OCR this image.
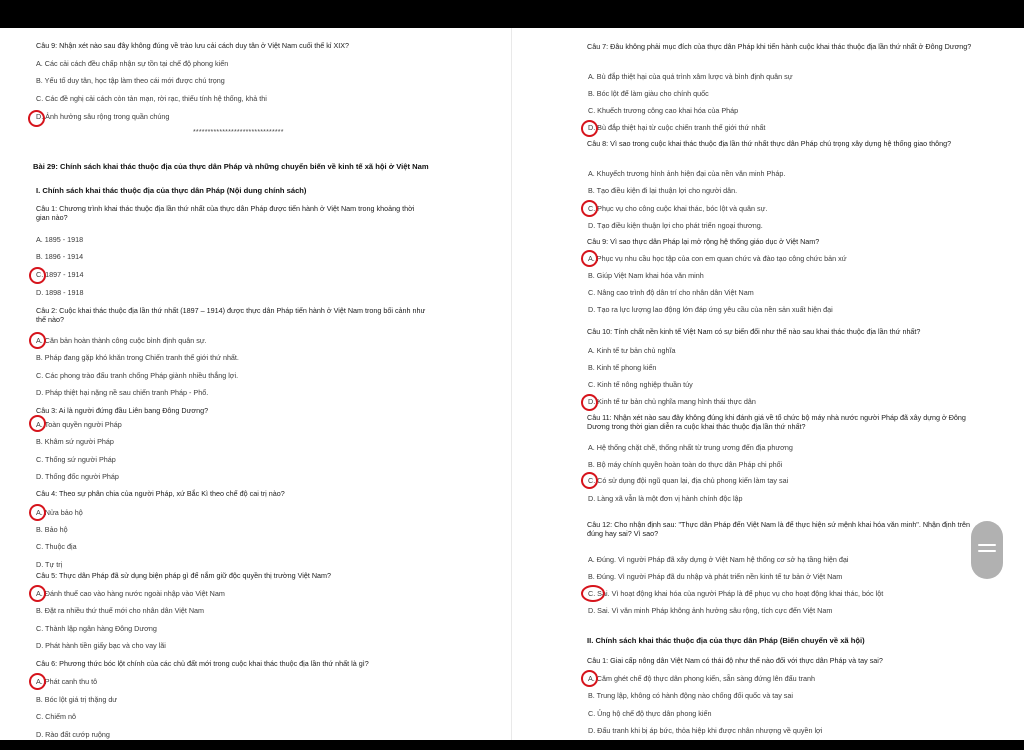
Câu 9: Nhận xét nào sau đây không đúng về trào lưu cải cách duy tân ở Việt Nam cuối thế kỉ XIX?
A. Các cải cách đều chấp nhận sự tồn tại chế độ phong kiến
B. Yếu tố duy tân, học tập làm theo cái mới được chú trọng
C. Các đề nghị cải cách còn tản mạn, rời rạc, thiếu tính hệ thống, khả thi
D. Ảnh hưởng sâu rộng trong quần chúng
*******************************
Bài 29: Chính sách khai thác thuộc địa của thực dân Pháp và những chuyển biến về kinh tế xã hội ở Việt Nam
I. Chính sách khai thác thuộc địa của thực dân Pháp (Nội dung chính sách)
Câu 1: Chương trình khai thác thuộc địa lần thứ nhất của thực dân Pháp được tiến hành ở Việt Nam trong khoảng thời gian nào?
A. 1895 - 1918
B. 1896 - 1914
C. 1897 - 1914
D. 1898 - 1918
Câu 2: Cuộc khai thác thuộc địa lần thứ nhất (1897 – 1914) được thực dân Pháp tiến hành ở Việt Nam trong bối cảnh như thế nào?
A. Căn bản hoàn thành công cuộc bình định quân sự.
B. Pháp đang gặp khó khăn trong Chiến tranh thế giới thứ nhất.
C. Các phong trào đấu tranh chống Pháp giành nhiều thắng lợi.
D. Pháp thiệt hại nặng nề sau chiến tranh Pháp - Phổ.
Câu 3: Ai là người đứng đầu Liên bang Đông Dương?
A. Toàn quyền người Pháp
B. Khâm sứ người Pháp
C. Thống sứ người Pháp
D. Thống đốc người Pháp
Câu 4: Theo sự phân chia của người Pháp, xứ Bắc Kì theo chế độ cai trị nào?
A. Nửa bảo hộ
B. Bảo hộ
C. Thuộc địa
D. Tự trị
Câu 5: Thực dân Pháp đã sử dụng biện pháp gì để nắm giữ độc quyền thị trường Việt Nam?
A. Đánh thuế cao vào hàng nước ngoài nhập vào Việt Nam
B. Đặt ra nhiều thứ thuế mới cho nhân dân Việt Nam
C. Thành lập ngân hàng Đông Dương
D. Phát hành tiền giấy bạc và cho vay lãi
Câu 6: Phương thức bóc lột chính của các chủ đất mới trong cuộc khai thác thuộc địa lần thứ nhất là gì?
A. Phát canh thu tô
B. Bóc lột giá trị thặng dư
C. Chiếm nô
D. Rào đất cướp ruộng
Câu 7: Đâu không phải mục đích của thực dân Pháp khi tiến hành cuộc khai thác thuộc địa lần thứ nhất ở Đông Dương?
A. Bù đắp thiệt hại của quá trình xâm lược và bình định quân sự
B. Bóc lột để làm giàu cho chính quốc
C. Khuếch trương công cao khai hóa của Pháp
D. Bù đắp thiệt hại từ cuộc chiến tranh thế giới thứ nhất
Câu 8: Vì sao trong cuộc khai thác thuộc địa lần thứ nhất thực dân Pháp chú trọng xây dựng hệ thống giao thông?
A. Khuyếch trương hình ảnh hiện đại của nền văn minh Pháp.
B. Tạo điều kiện đi lại thuận lợi cho người dân.
C. Phục vụ cho công cuộc khai thác, bóc lột và quân sự.
D. Tạo điều kiện thuận lợi cho phát triển ngoại thương.
Câu 9: Vì sao thực dân Pháp lại mở rộng hệ thống giáo dục ở Việt Nam?
A. Phục vụ nhu cầu học tập của con em quan chức và đào tạo công chức bản xứ
B. Giúp Việt Nam khai hóa văn minh
C. Nâng cao trình độ dân trí cho nhân dân Việt Nam
D. Tạo ra lực lượng lao động lớn đáp ứng yêu cầu của nền sản xuất hiện đại
Câu 10: Tính chất nền kinh tế Việt Nam có sự biến đổi như thế nào sau khai thác thuộc địa lần thứ nhất?
A. Kinh tế tư bản chủ nghĩa
B. Kinh tế phong kiến
C. Kinh tế nông nghiệp thuần túy
D. Kinh tế tư bản chủ nghĩa mang hình thái thực dân
Câu 11: Nhận xét nào sau đây không đúng khi đánh giá về tổ chức bộ máy nhà nước người Pháp đã xây dựng ở Đông Dương trong thời gian diễn ra cuộc khai thác thuộc địa lần thứ nhất?
A. Hệ thống chặt chẽ, thống nhất từ trung ương đến địa phương
B. Bộ máy chính quyền hoàn toàn do thực dân Pháp chi phối
C. Có sử dụng đội ngũ quan lại, địa chủ phong kiến làm tay sai
D. Làng xã vẫn là một đơn vị hành chính độc lập
Câu 12: Cho nhận định sau: "Thực dân Pháp đến Việt Nam là để thực hiện sứ mệnh khai hóa văn minh". Nhận định trên đúng hay sai? Vì sao?
A. Đúng. Vì người Pháp đã xây dựng ở Việt Nam hệ thống cơ sở hạ tầng hiện đại
B. Đúng. Vì người Pháp đã du nhập và phát triển nền kinh tế tư bản ở Việt Nam
C. Sai. Vì hoạt động khai hóa của người Pháp là để phục vụ cho hoạt động khai thác, bóc lột
D. Sai. Vì văn minh Pháp không ảnh hưởng sâu rộng, tích cực đến Việt Nam
II. Chính sách khai thác thuộc địa của thực dân Pháp (Biến chuyển về xã hội)
Câu 1: Giai cấp nông dân Việt Nam có thái độ như thế nào đối với thực dân Pháp và tay sai?
A. Căm ghét chế độ thực dân phong kiến, sẵn sàng đứng lên đấu tranh
B. Trung lập, không có hành động nào chống đối quốc và tay sai
C. Ủng hộ chế độ thực dân phong kiến
D. Đấu tranh khi bị áp bức, thỏa hiệp khi được nhân nhượng về quyền lợi
